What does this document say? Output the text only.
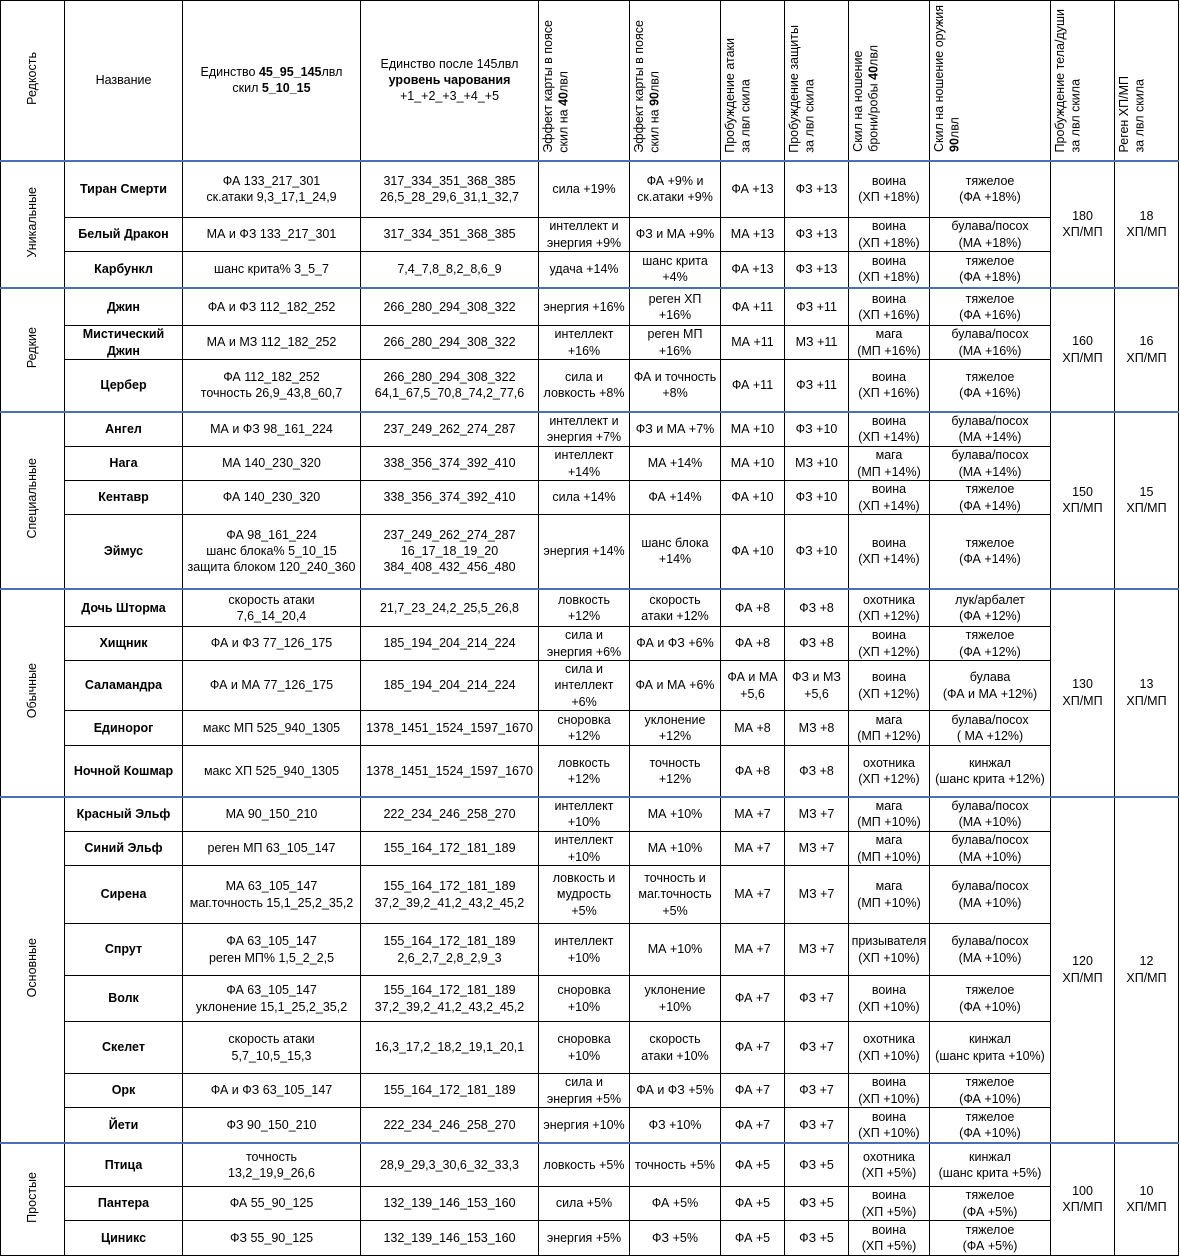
Редкость	Название	Единство 45_95_145лвл
скил 5_10_15	Единство после 145лвл
уровень чарования
+1_+2_+3_+4_+5	Эффект карты в поясе скил на 40лвл	Эффект карты в поясе скил на 90лвл	Пробуждение атаки за лвл скила	Пробуждение защиты за лвл скила	Скил на ношение брони/робы 40лвл	Скил на ношение оружия 90лвл	Пробуждение тела/души за лвл скила	Реген ХП/МП за лвл скила

Уникальные	Тиран Смерти	ФА 133_217_301
ск.атаки 9,3_17,1_24,9	317_334_351_368_385
26,5_28_29,6_31,1_32,7	сила +19%	ФА +9% и
ск.атаки +9%	ФА +13	ФЗ +13	воина
(ХП +18%)	тяжелое
(ФА +18%)	180
ХП/МП	18
ХП/МП

	Белый Дракон	МА и ФЗ 133_217_301	317_334_351_368_385	интеллект и
энергия +9%	ФЗ и МА +9%	МА +13	ФЗ +13	воина
(ХП +18%)	булава/посох
(МА +18%)		

	Карбункл	шанс крита% 3_5_7	7,4_7,8_8,2_8,6_9	удача +14%	шанс крита
+4%	ФА +13	ФЗ +13	воина
(ХП +18%)	тяжелое
(ФА +18%)		

Редкие	Джин	ФА и ФЗ 112_182_252	266_280_294_308_322	энергия +16%	реген ХП
+16%	ФА +11	ФЗ +11	воина
(ХП +16%)	тяжелое
(ФА +16%)	160
ХП/МП	16
ХП/МП

	Мистический
Джин	МА и МЗ 112_182_252	266_280_294_308_322	интеллект
+16%	реген МП
+16%	МА +11	МЗ +11	мага
(МП +16%)	булава/посох
(МА +16%)		

	Цербер	ФА 112_182_252
точность 26,9_43,8_60,7	266_280_294_308_322
64,1_67,5_70,8_74,2_77,6	сила и
ловкость +8%	ФА и точность
+8%	ФА +11	ФЗ +11	воина
(ХП +16%)	тяжелое
(ФА +16%)		

Специальные	Ангел	МА и ФЗ 98_161_224	237_249_262_274_287	интеллект и
энергия +7%	ФЗ и МА +7%	МА +10	ФЗ +10	воина
(ХП +14%)	булава/посох
(МА +14%)	150
ХП/МП	15
ХП/МП

	Нага	МА 140_230_320	338_356_374_392_410	интеллект
+14%	МА +14%	МА +10	МЗ +10	мага
(МП +14%)	булава/посох
(МА +14%)		

	Кентавр	ФА 140_230_320	338_356_374_392_410	сила +14%	ФА +14%	ФА +10	ФЗ +10	воина
(ХП +14%)	тяжелое
(ФА +14%)		

	Эймус	ФА 98_161_224
шанс блока% 5_10_15
защита блоком 120_240_360	237_249_262_274_287
16_17_18_19_20
384_408_432_456_480	энергия +14%	шанс блока
+14%	ФА +10	ФЗ +10	воина
(ХП +14%)	тяжелое
(ФА +14%)		

Обычные	Дочь Шторма	скорость атаки
7,6_14_20,4	21,7_23_24,2_25,5_26,8	ловкость
+12%	скорость
атаки +12%	ФА +8	ФЗ +8	охотника
(ХП +12%)	лук/арбалет
(ФА +12%)	130
ХП/МП	13
ХП/МП

	Хищник	ФА и ФЗ 77_126_175	185_194_204_214_224	сила и
энергия +6%	ФА и ФЗ +6%	ФА +8	ФЗ +8	воина
(ХП +12%)	тяжелое
(ФА +12%)		

	Саламандра	ФА и МА 77_126_175	185_194_204_214_224	сила и
интеллект
+6%	ФА и МА +6%	ФА и МА
+5,6	ФЗ и МЗ
+5,6	воина
(ХП +12%)	булава
(ФА и МА +12%)		

	Единорог	макс МП 525_940_1305	1378_1451_1524_1597_1670	сноровка
+12%	уклонение
+12%	МА +8	МЗ +8	мага
(МП +12%)	булава/посох
( МА +12%)		

	Ночной Кошмар	макс ХП 525_940_1305	1378_1451_1524_1597_1670	ловкость
+12%	точность
+12%	ФА +8	ФЗ +8	охотника
(ХП +12%)	кинжал
(шанс крита +12%)		

Основные	Красный Эльф	МА 90_150_210	222_234_246_258_270	интеллект
+10%	МА +10%	МА +7	МЗ +7	мага
(МП +10%)	булава/посох
(МА +10%)	120
ХП/МП	12
ХП/МП

	Синий Эльф	реген МП 63_105_147	155_164_172_181_189	интеллект
+10%	МА +10%	МА +7	МЗ +7	мага
(МП +10%)	булава/посох
(МА +10%)		

	Сирена	МА 63_105_147
маг.точность 15,1_25,2_35,2	155_164_172_181_189
37,2_39,2_41,2_43,2_45,2	ловкость и
мудрость
+5%	точность и
маг.точность
+5%	МА +7	МЗ +7	мага
(МП +10%)	булава/посох
(МА +10%)		

	Спрут	ФА 63_105_147
реген МП% 1,5_2_2,5	155_164_172_181_189
2,6_2,7_2,8_2,9_3	интеллект
+10%	МА +10%	МА +7	МЗ +7	призывателя
(ХП +10%)	булава/посох
(МА +10%)		

	Волк	ФА 63_105_147
уклонение 15,1_25,2_35,2	155_164_172_181_189
37,2_39,2_41,2_43,2_45,2	сноровка
+10%	уклонение
+10%	ФА +7	ФЗ +7	воина
(ХП +10%)	тяжелое
(ФА +10%)		

	Скелет	скорость атаки
5,7_10,5_15,3	16,3_17,2_18,2_19,1_20,1	сноровка
+10%	скорость
атаки +10%	ФА +7	ФЗ +7	охотника
(ХП +10%)	кинжал
(шанс крита +10%)		

	Орк	ФА и ФЗ 63_105_147	155_164_172_181_189	сила и
энергия +5%	ФА и ФЗ +5%	ФА +7	ФЗ +7	воина
(ХП +10%)	тяжелое
(ФА +10%)		

	Йети	ФЗ 90_150_210	222_234_246_258_270	энергия +10%	ФЗ +10%	ФА +7	ФЗ +7	воина
(ХП +10%)	тяжелое
(ФА +10%)		

Простые	Птица	точность
13,2_19,9_26,6	28,9_29,3_30,6_32_33,3	ловкость +5%	точность +5%	ФА +5	ФЗ +5	охотника
(ХП +5%)	кинжал
(шанс крита +5%)	100
ХП/МП	10
ХП/МП

	Пантера	ФА 55_90_125	132_139_146_153_160	сила +5%	ФА +5%	ФА +5	ФЗ +5	воина
(ХП +5%)	тяжелое
(ФА +5%)		

	Циникс	ФЗ 55_90_125	132_139_146_153_160	энергия +5%	ФЗ +5%	ФА +5	ФЗ +5	воина
(ХП +5%)	тяжелое
(ФА +5%)		
